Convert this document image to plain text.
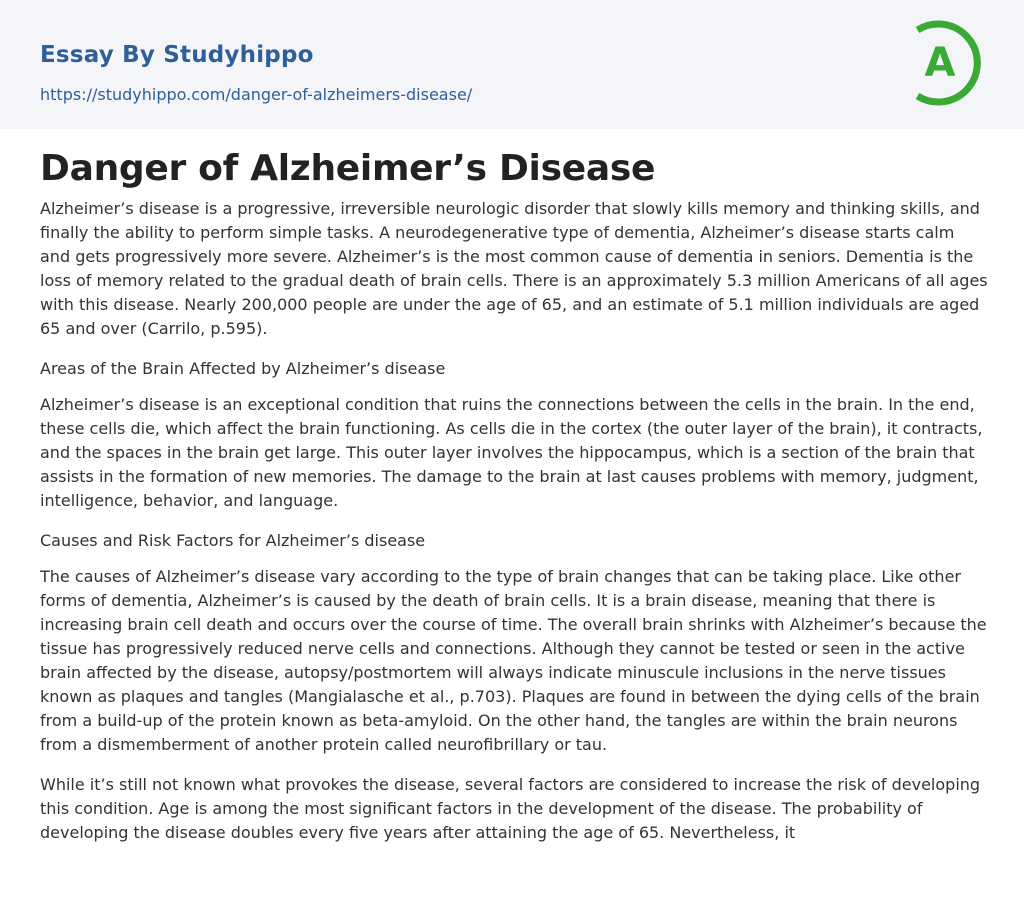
Essay By Studyhippo
https://studyhippo.com/danger-of-alzheimers-disease/
A
Danger of Alzheimer’s Disease

Alzheimer’s disease is a progressive, irreversible neurologic disorder that slowly kills memory and thinking skills, and finally the ability to perform simple tasks. A neurodegenerative type of dementia, Alzheimer’s disease starts calm and gets progressively more severe. Alzheimer’s is the most common cause of dementia in seniors. Dementia is the loss of memory related to the gradual death of brain cells. There is an approximately 5.3 million Americans of all ages with this disease. Nearly 200,000 people are under the age of 65, and an estimate of 5.1 million individuals are aged 65 and over (Carrilo, p.595).

Areas of the Brain Affected by Alzheimer’s disease

Alzheimer’s disease is an exceptional condition that ruins the connections between the cells in the brain. In the end, these cells die, which affect the brain functioning. As cells die in the cortex (the outer layer of the brain), it contracts, and the spaces in the brain get large. This outer layer involves the hippocampus, which is a section of the brain that assists in the formation of new memories. The damage to the brain at last causes problems with memory, judgment, intelligence, behavior, and language.

Causes and Risk Factors for Alzheimer’s disease

The causes of Alzheimer’s disease vary according to the type of brain changes that can be taking place. Like other forms of dementia, Alzheimer’s is caused by the death of brain cells. It is a brain disease, meaning that there is increasing brain cell death and occurs over the course of time. The overall brain shrinks with Alzheimer’s because the tissue has progressively reduced nerve cells and connections. Although they cannot be tested or seen in the active brain affected by the disease, autopsy/postmortem will always indicate minuscule inclusions in the nerve tissues known as plaques and tangles (Mangialasche et al., p.703). Plaques are found in between the dying cells of the brain from a build-up of the protein known as beta-amyloid. On the other hand, the tangles are within the brain neurons from a dismemberment of another protein called neurofibrillary or tau.

While it’s still not known what provokes the disease, several factors are considered to increase the risk of developing this condition. Age is among the most significant factors in the development of the disease. The probability of developing the disease doubles every five years after attaining the age of 65. Nevertheless, it
